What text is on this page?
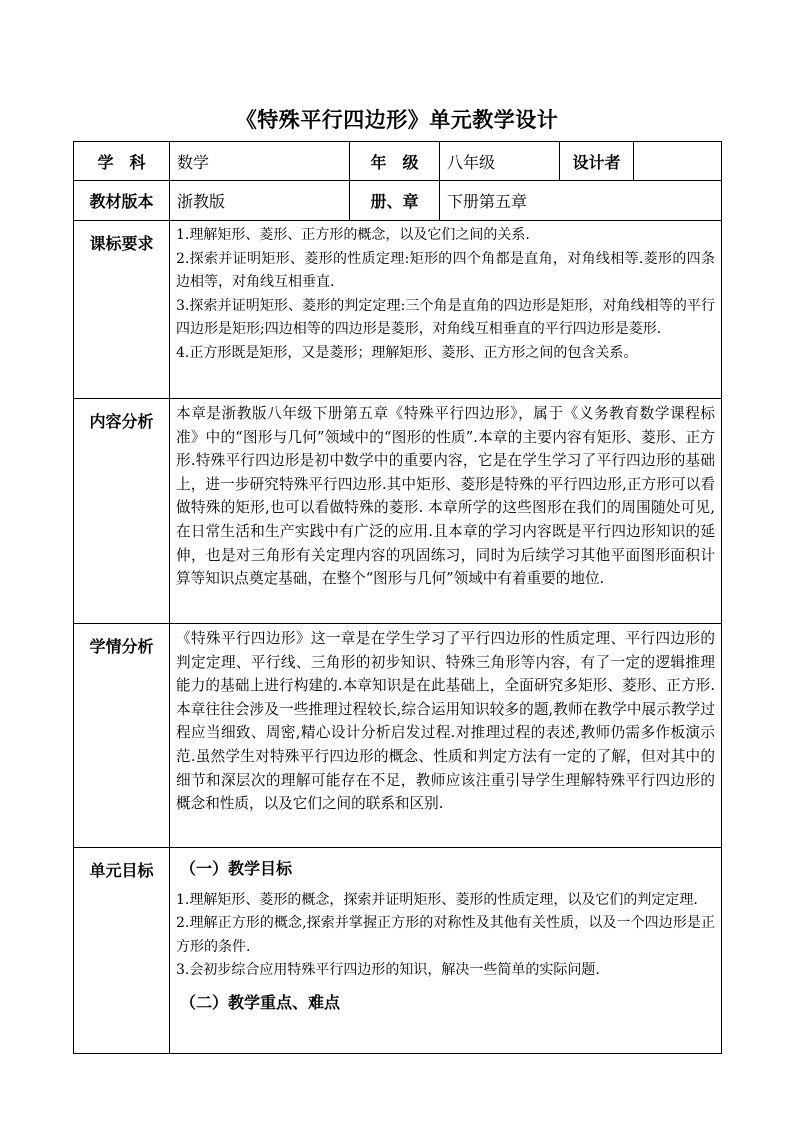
《特殊平行四边形》单元教学设计
学　科	数学	年　级	八年级	设计者	
教材版本	浙教版	册、章	下册第五章		
课标要求	1.理解矩形、菱形、正方形的概念，以及它们之间的关系.

2.探索并证明矩形、菱形的性质定理:矩形的四个角都是直角，对角线相等.菱形的四条边相等，对角线互相垂直.

3.探索并证明矩形、菱形的判定定理:三个角是直角的四边形是矩形，对角线相等的平行四边形是矩形;四边相等的四边形是菱形，对角线互相垂直的平行四边形是菱形.

4.正方形既是矩形，又是菱形；理解矩形、菱形、正方形之间的包含关系。				

内容分析	本章是浙教版八年级下册第五章《特殊平行四边形》，属于《义务教育数学课程标准》中的“图形与几何”领域中的“图形的性质”.本章的主要内容有矩形、菱形、正方形.特殊平行四边形是初中数学中的重要内容，它是在学生学习了平行四边形的基础上，进一步研究特殊平行四边形.其中矩形、菱形是特殊的平行四边形,正方形可以看做特殊的矩形,也可以看做特殊的菱形. 本章所学的这些图形在我们的周围随处可见,在日常生活和生产实践中有广泛的应用.且本章的学习内容既是平行四边形知识的延伸，也是对三角形有关定理内容的巩固练习，同时为后续学习其他平面图形面积计算等知识点奠定基础，在整个“图形与几何”领域中有着重要的地位.				
学情分析	《特殊平行四边形》这一章是在学生学习了平行四边形的性质定理、平行四边形的判定定理、平行线、三角形的初步知识、特殊三角形等内容，有了一定的逻辑推理能力的基础上进行构建的.本章知识是在此基础上，全面研究多矩形、菱形、正方形.本章往往会涉及一些推理过程较长,综合运用知识较多的题,教师在教学中展示教学过程应当细致、周密,精心设计分析启发过程.对推理过程的表述,教师仍需多作板演示范.虽然学生对特殊平行四边形的概念、性质和判定方法有一定的了解，但对其中的细节和深层次的理解可能存在不足，教师应该注重引导学生理解特殊平行四边形的概念和性质，以及它们之间的联系和区别.				
单元目标	（一）教学目标

1.理解矩形、菱形的概念，探索并证明矩形、菱形的性质定理，以及它们的判定定理.

2.理解正方形的概念,探索并掌握正方形的对称性及其他有关性质，以及一个四边形是正方形的条件.

3.会初步综合应用特殊平行四边形的知识，解决一些简单的实际问题.

（二）教学重点、难点				
